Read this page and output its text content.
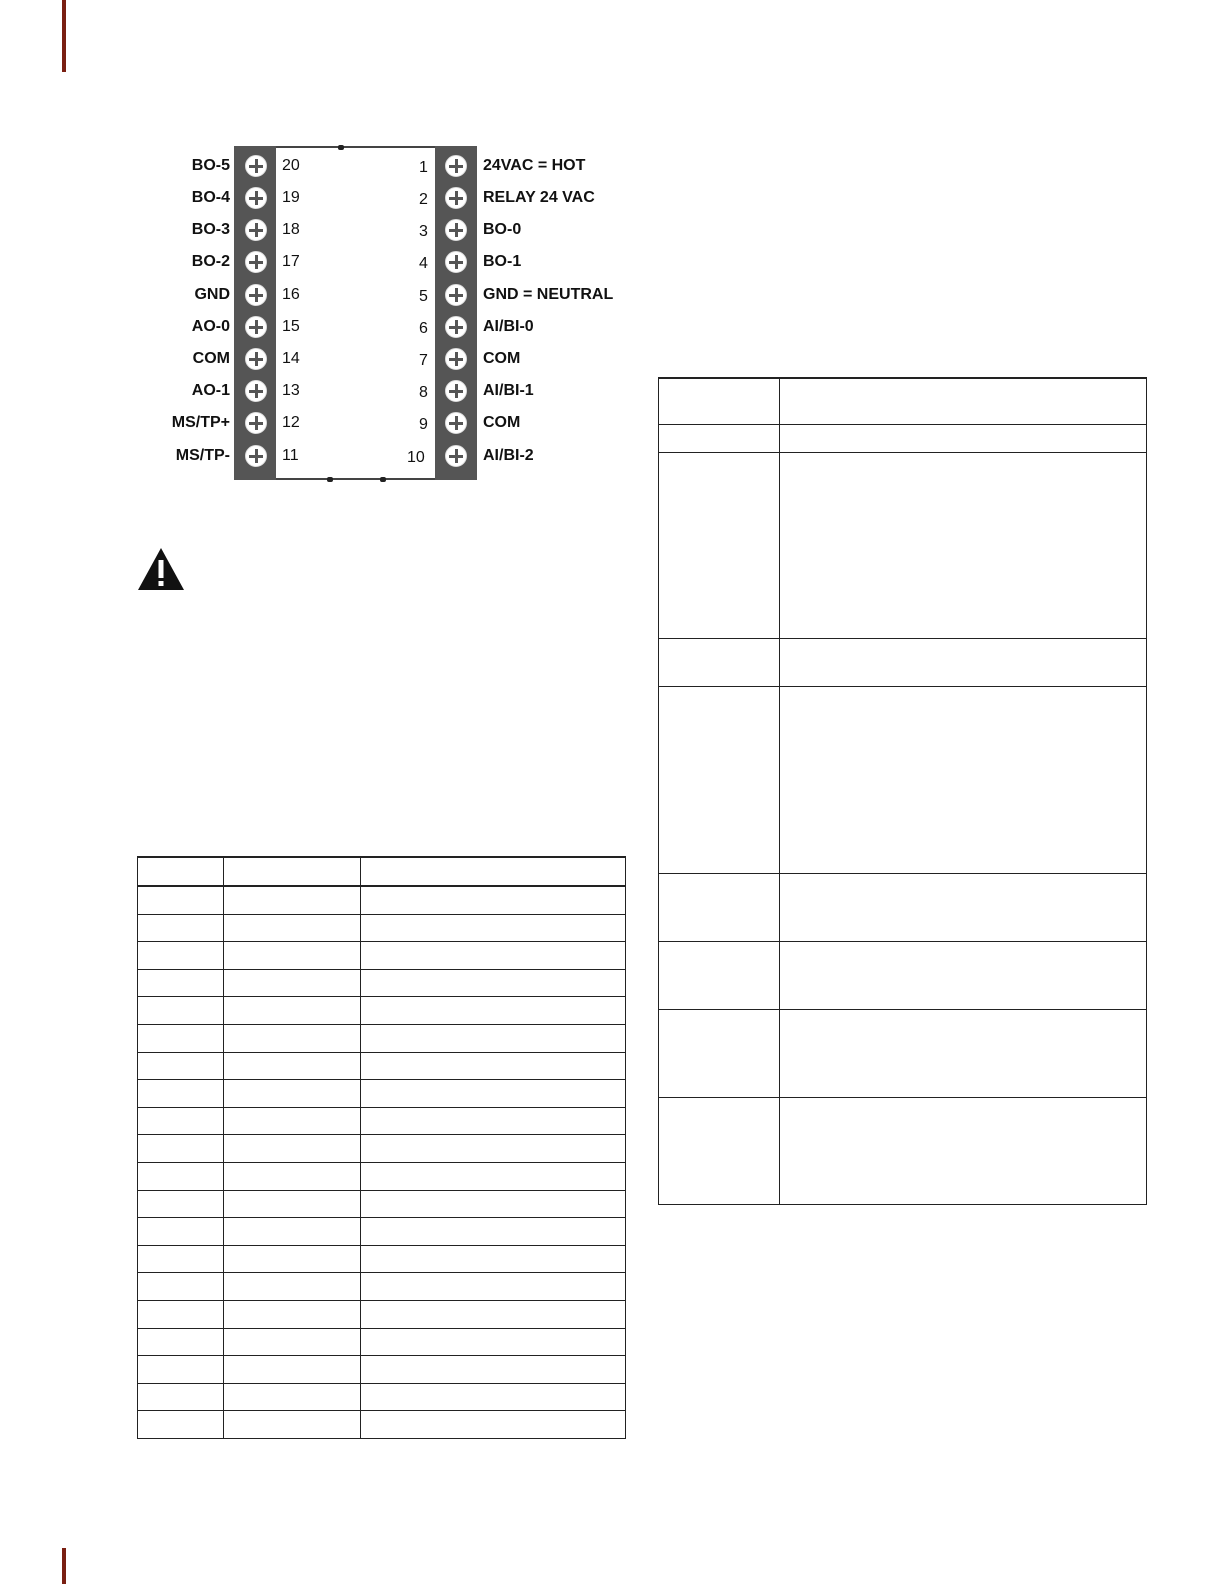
BO-5	20
BO-4	19
BO-3	18
BO-2	17
GND	16
AO-0	15
COM	14
AO-1	13
MS/TP+	12
MS/TP-	11
1	24VAC = HOT
2	RELAY 24 VAC
3	BO-0
4	BO-1
5	GND = NEUTRAL
6	AI/BI-0
7	COM
8	AI/BI-1
9	COM
10	AI/BI-2
